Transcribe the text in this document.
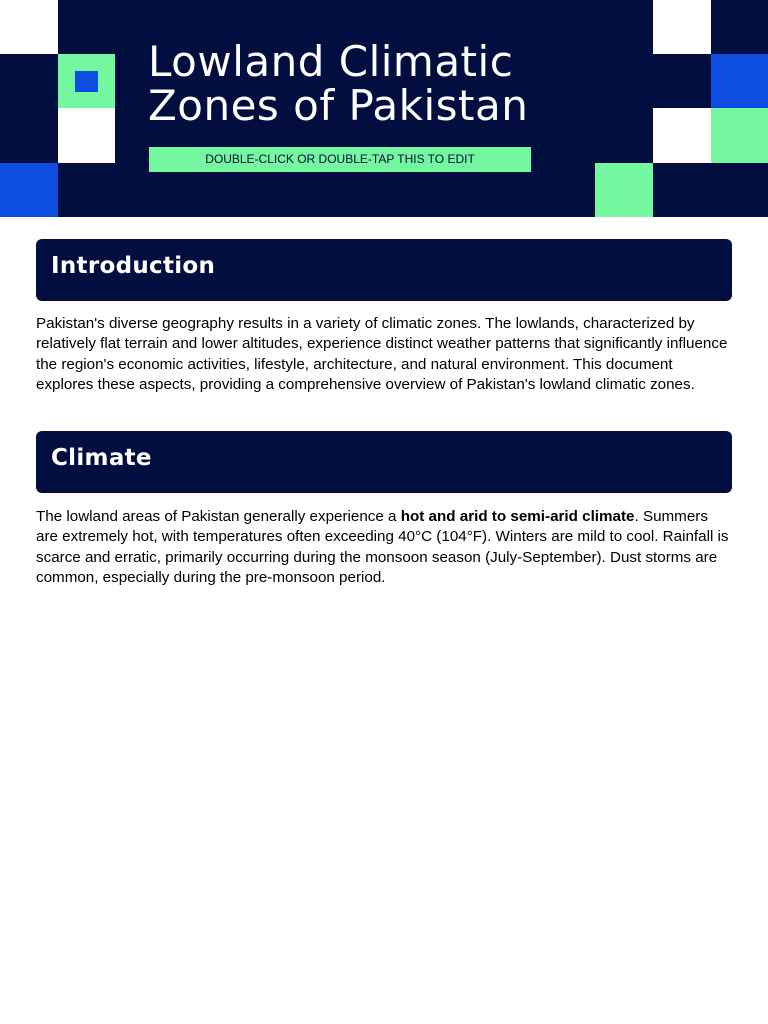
Lowland Climatic
Zones of Pakistan
DOUBLE-CLICK OR DOUBLE-TAP THIS TO EDIT
Introduction

Pakistan's diverse geography results in a variety of climatic zones. The lowlands, characterized by relatively flat terrain and lower altitudes, experience distinct weather patterns that significantly influence the region's economic activities, lifestyle, architecture, and natural environment. This document explores these aspects, providing a comprehensive overview of Pakistan's lowland climatic zones.

Climate

The lowland areas of Pakistan generally experience a hot and arid to semi-arid climate. Summers are extremely hot, with temperatures often exceeding 40°C (104°F). Winters are mild to cool. Rainfall is scarce and erratic, primarily occurring during the monsoon season (July-September). Dust storms are common, especially during the pre-monsoon period.
